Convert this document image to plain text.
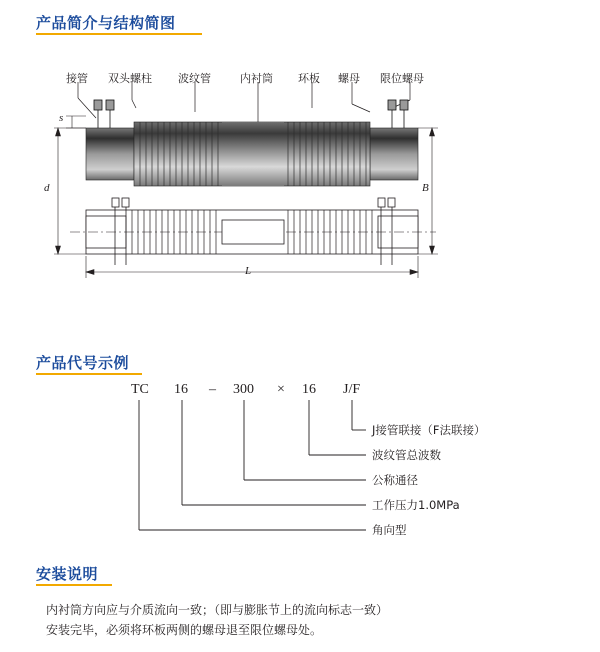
产品简介与结构简图
接管 双头螺柱 波纹管	内衬筒 环板 螺母 限位螺母
s
d	B
L
产品代号示例
TC 16 – 300 × 16 J/F
J接管联接（F法联接）
波纹管总波数
公称通径
工作压力1.0MPa
角向型
安装说明
内衬筒方向应与介质流向一致；（即与膨胀节上的流向标志一致）
安装完毕，必须将环板两侧的螺母退至限位螺母处。
